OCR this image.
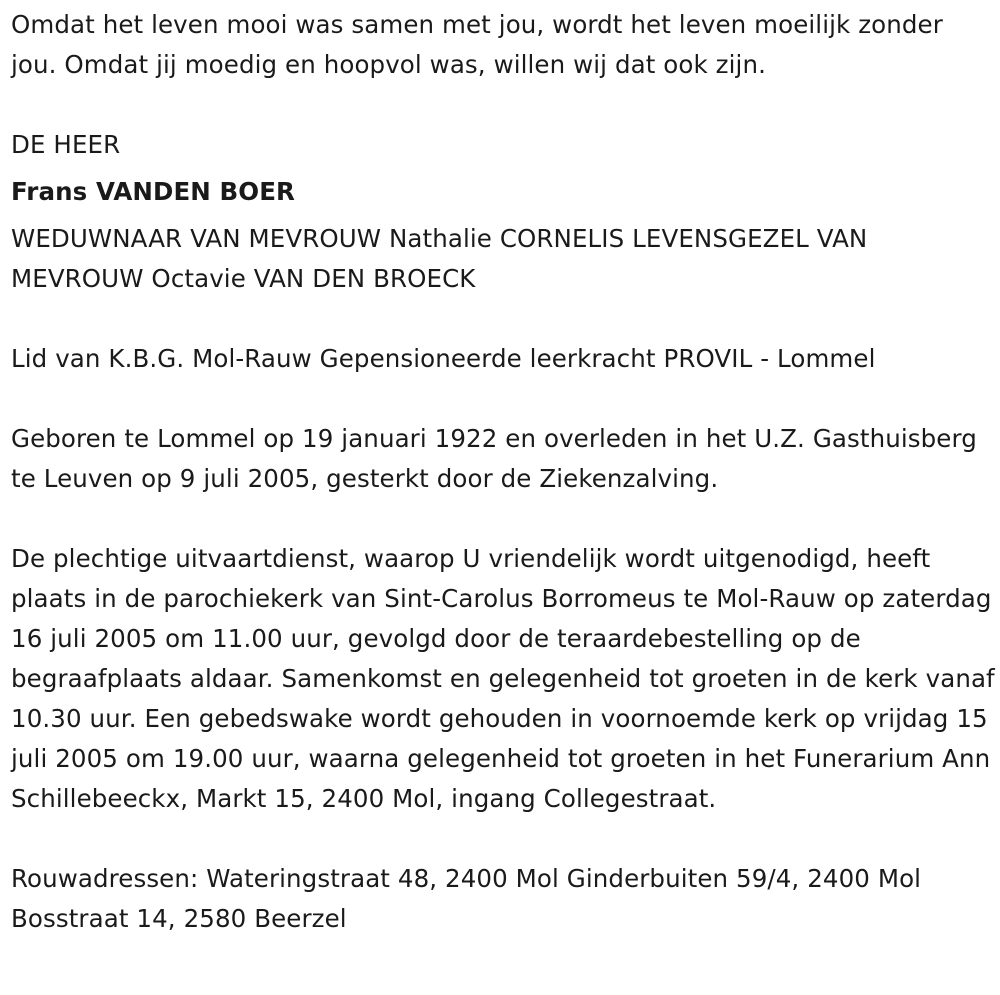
Omdat het leven mooi was samen met jou, wordt het leven moeilijk zonder jou. Omdat jij moedig en hoopvol was, willen wij dat ook zijn.

DE HEER

Frans VANDEN BOER

WEDUWNAAR VAN MEVROUW Nathalie CORNELIS LEVENSGEZEL VAN MEVROUW Octavie VAN DEN BROECK

Lid van K.B.G. Mol-Rauw Gepensioneerde leerkracht PROVIL - Lommel

Geboren te Lommel op 19 januari 1922 en overleden in het U.Z. Gasthuisberg te Leuven op 9 juli 2005, gesterkt door de Ziekenzalving.

De plechtige uitvaartdienst, waarop U vriendelijk wordt uitgenodigd, heeft plaats in de parochiekerk van Sint-Carolus Borromeus te Mol-Rauw op zaterdag 16 juli 2005 om 11.00 uur, gevolgd door de teraardebestelling op de begraafplaats aldaar. Samenkomst en gelegenheid tot groeten in de kerk vanaf 10.30 uur. Een gebedswake wordt gehouden in voornoemde kerk op vrijdag 15 juli 2005 om 19.00 uur, waarna gelegenheid tot groeten in het Funerarium Ann Schillebeeckx, Markt 15, 2400 Mol, ingang Collegestraat.

Rouwadressen: Wateringstraat 48, 2400 Mol Ginderbuiten 59/4, 2400 Mol Bosstraat 14, 2580 Beerzel
